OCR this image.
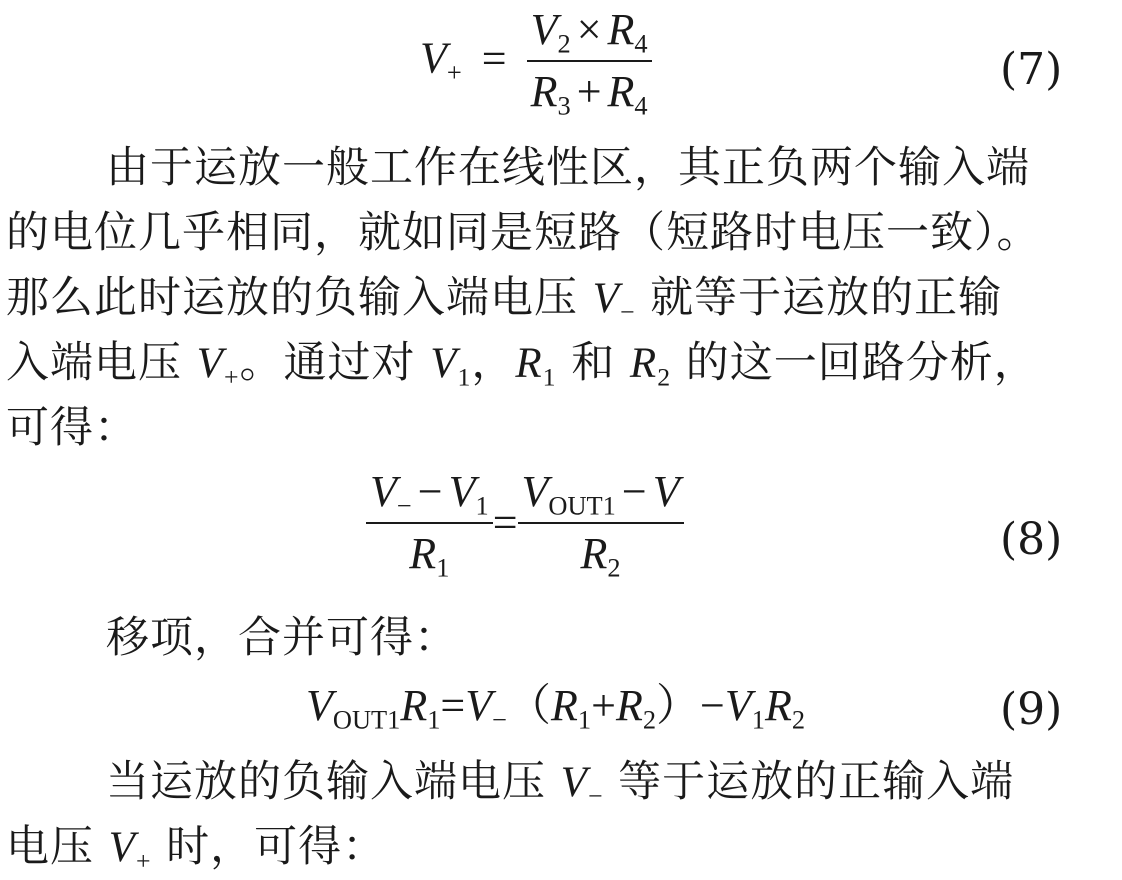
$V_+ = \frac{V_2 \times R_4}{R_3 + R_4}$	(7)

由于运放一般工作在线性区，其正负两个输入端

的电位几乎相同，就如同是短路（短路时电压一致）。

那么此时运放的负输入端电压 $V_-$ 就等于运放的正输

入端电压 $V_+$。通过对 $V_1$，$R_1$ 和 $R_2$ 的这一回路分析，

可得：

$\frac{V_- - V_1}{R_1} = \frac{V_{OUT1} - V}{R_2}$	(8)

移项，合并可得：

$V_{OUT1}R_1=V_-(R_1+R_2)-V_1R_2$	(9)

当运放的负输入端电压 $V_-$ 等于运放的正输入端

电压 $V_+$ 时，可得：
